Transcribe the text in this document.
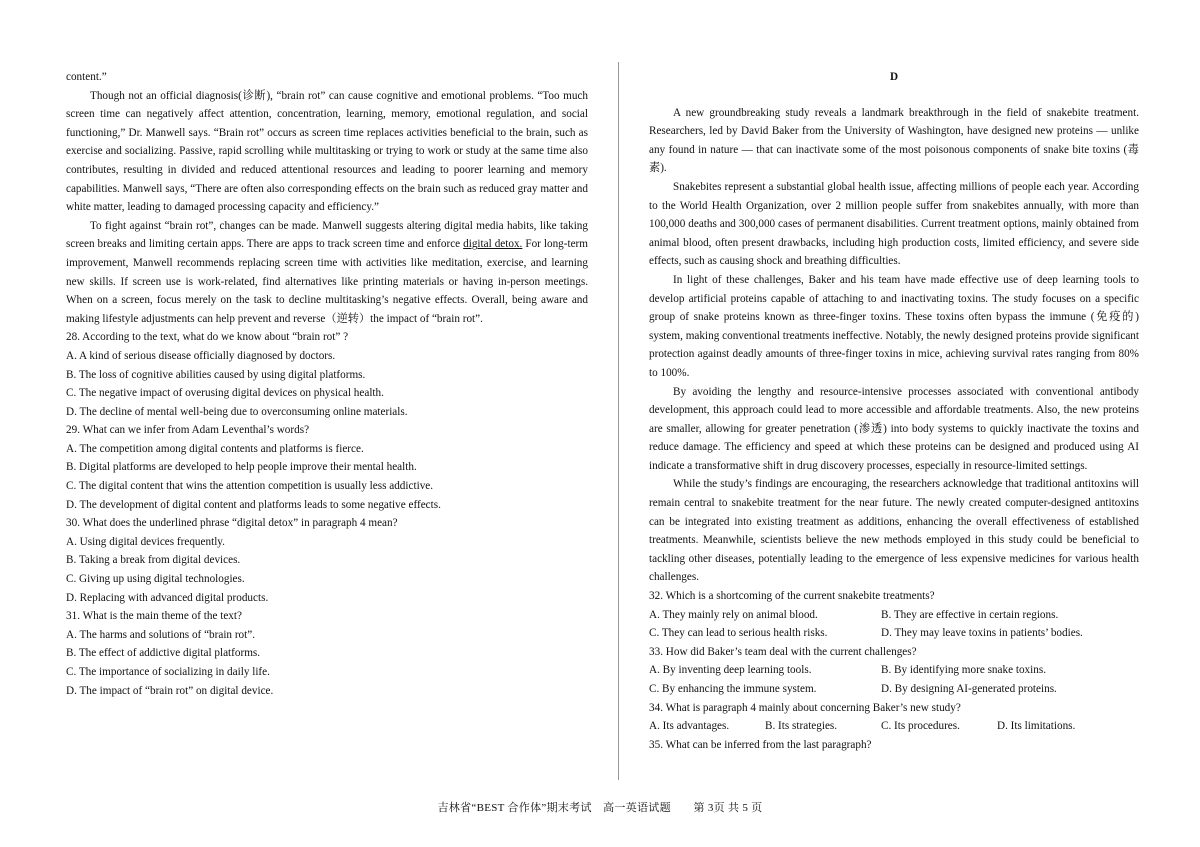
content.”

Though not an official diagnosis(诊断), “brain rot” can cause cognitive and emotional problems. “Too much screen time can negatively affect attention, concentration, learning, memory, emotional regulation, and social functioning,” Dr. Manwell says. “Brain rot” occurs as screen time replaces activities beneficial to the brain, such as exercise and socializing. Passive, rapid scrolling while multitasking or trying to work or study at the same time also contributes, resulting in divided and reduced attentional resources and leading to poorer learning and memory capabilities. Manwell says, “There are often also corresponding effects on the brain such as reduced gray matter and white matter, leading to damaged processing capacity and efficiency.”

To fight against “brain rot”, changes can be made. Manwell suggests altering digital media habits, like taking screen breaks and limiting certain apps. There are apps to track screen time and enforce digital detox. For long-term improvement, Manwell recommends replacing screen time with activities like meditation, exercise, and learning new skills. If screen use is work-related, find alternatives like printing materials or having in-person meetings. When on a screen, focus merely on the task to decline multitasking’s negative effects. Overall, being aware and making lifestyle adjustments can help prevent and reverse（逆转）the impact of “brain rot”.

28. According to the text, what do we know about “brain rot” ?

A. A kind of serious disease officially diagnosed by doctors.

B. The loss of cognitive abilities caused by using digital platforms.

C. The negative impact of overusing digital devices on physical health.

D. The decline of mental well-being due to overconsuming online materials.

29. What can we infer from Adam Leventhal’s words?

A. The competition among digital contents and platforms is fierce.

B. Digital platforms are developed to help people improve their mental health.

C. The digital content that wins the attention competition is usually less addictive.

D. The development of digital content and platforms leads to some negative effects.

30. What does the underlined phrase “digital detox” in paragraph 4 mean?

A. Using digital devices frequently.

B. Taking a break from digital devices.

C. Giving up using digital technologies.

D. Replacing with advanced digital products.

31. What is the main theme of the text?

A. The harms and solutions of “brain rot”.

B. The effect of addictive digital platforms.

C. The importance of socializing in daily life.

D. The impact of “brain rot” on digital device.

D

A new groundbreaking study reveals a landmark breakthrough in the field of snakebite treatment. Researchers, led by David Baker from the University of Washington, have designed new proteins — unlike any found in nature — that can inactivate some of the most poisonous components of snake bite toxins (毒素).

Snakebites represent a substantial global health issue, affecting millions of people each year. According to the World Health Organization, over 2 million people suffer from snakebites annually, with more than 100,000 deaths and 300,000 cases of permanent disabilities. Current treatment options, mainly obtained from animal blood, often present drawbacks, including high production costs, limited efficiency, and severe side effects, such as causing shock and breathing difficulties.

In light of these challenges, Baker and his team have made effective use of deep learning tools to develop artificial proteins capable of attaching to and inactivating toxins. The study focuses on a specific group of snake proteins known as three-finger toxins. These toxins often bypass the immune (免疫的) system, making conventional treatments ineffective. Notably, the newly designed proteins provide significant protection against deadly amounts of three-finger toxins in mice, achieving survival rates ranging from 80% to 100%.

By avoiding the lengthy and resource-intensive processes associated with conventional antibody development, this approach could lead to more accessible and affordable treatments. Also, the new proteins are smaller, allowing for greater penetration (渗透) into body systems to quickly inactivate the toxins and reduce damage. The efficiency and speed at which these proteins can be designed and produced using AI indicate a transformative shift in drug discovery processes, especially in resource-limited settings.

While the study’s findings are encouraging, the researchers acknowledge that traditional antitoxins will remain central to snakebite treatment for the near future. The newly created computer-designed antitoxins can be integrated into existing treatment as additions, enhancing the overall effectiveness of established treatments. Meanwhile, scientists believe the new methods employed in this study could be beneficial to tackling other diseases, potentially leading to the emergence of less expensive medicines for various health challenges.

32. Which is a shortcoming of the current snakebite treatments?

A. They mainly rely on animal blood.	B. They are effective in certain regions.
C. They can lead to serious health risks.	D. They may leave toxins in patients’ bodies.

33. How did Baker’s team deal with the current challenges?

A. By inventing deep learning tools.	B. By identifying more snake toxins.
C. By enhancing the immune system.	D. By designing AI-generated proteins.

34. What is paragraph 4 mainly about concerning Baker’s new study?

A. Its advantages.	B. Its strategies.	C. Its procedures.	D. Its limitations.

35. What can be inferred from the last paragraph?

吉林省“BEST 合作体”期末考试　高一英语试题　　第 3页 共 5 页
